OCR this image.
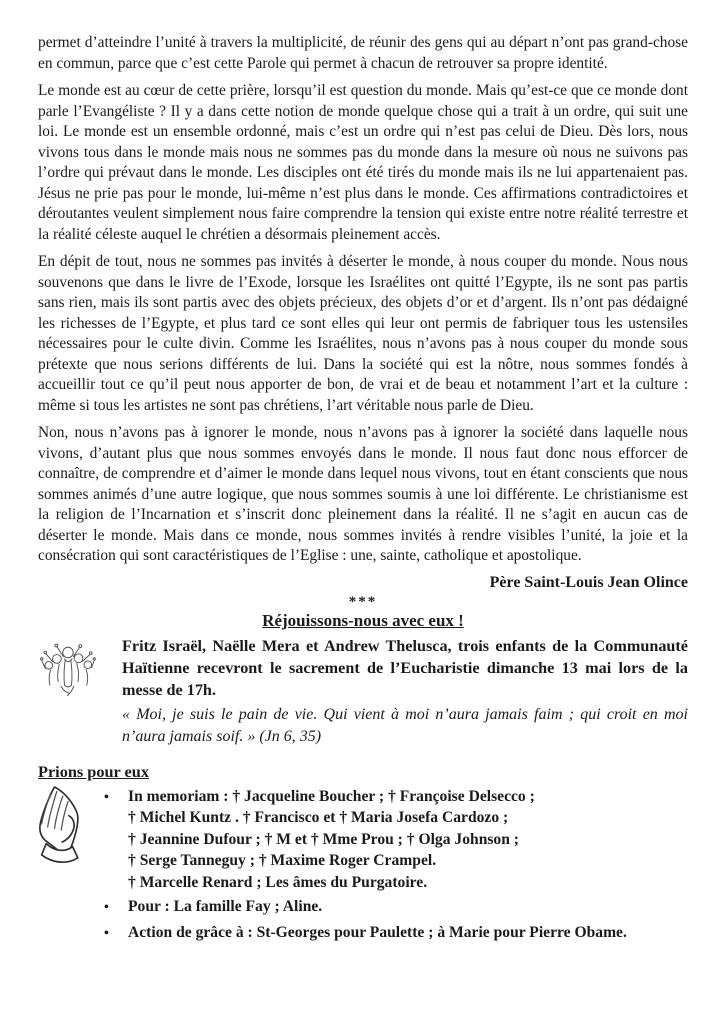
permet d’atteindre l’unité à travers la multiplicité, de réunir des gens qui au départ n’ont pas grand-chose en commun, parce que c’est cette Parole qui permet à chacun de retrouver sa propre identité.

Le monde est au cœur de cette prière, lorsqu’il est question du monde. Mais qu’est-ce que ce monde dont parle l’Evangéliste ? Il y a dans cette notion de monde quelque chose qui a trait à un ordre, qui suit une loi. Le monde est un ensemble ordonné, mais c’est un ordre qui n’est pas celui de Dieu. Dès lors, nous vivons tous dans le monde mais nous ne sommes pas du monde dans la mesure où nous ne suivons pas l’ordre qui prévaut dans le monde. Les disciples ont été tirés du monde mais ils ne lui appartenaient pas. Jésus ne prie pas pour le monde, lui-même n’est plus dans le monde. Ces affirmations contradictoires et déroutantes veulent simplement nous faire comprendre la tension qui existe entre notre réalité terrestre et la réalité céleste auquel le chrétien a désormais pleinement accès.

En dépit de tout, nous ne sommes pas invités à déserter le monde, à nous couper du monde. Nous nous souvenons que dans le livre de l’Exode, lorsque les Israélites ont quitté l’Egypte, ils ne sont pas partis sans rien, mais ils sont partis avec des objets précieux, des objets d’or et d’argent. Ils n’ont pas dédaigné les richesses de l’Egypte, et plus tard ce sont elles qui leur ont permis de fabriquer tous les ustensiles nécessaires pour le culte divin. Comme les Israélites, nous n’avons pas à nous couper du monde sous prétexte que nous serions différents de lui. Dans la société qui est la nôtre, nous sommes fondés à accueillir tout ce qu’il peut nous apporter de bon, de vrai et de beau et notamment l’art et la culture : même si tous les artistes ne sont pas chrétiens, l’art véritable nous parle de Dieu.

Non, nous n’avons pas à ignorer le monde, nous n’avons pas à ignorer la société dans laquelle nous vivons, d’autant plus que nous sommes envoyés dans le monde. Il nous faut donc nous efforcer de connaître, de comprendre et d’aimer le monde dans lequel nous vivons, tout en étant conscients que nous sommes animés d’une autre logique, que nous sommes soumis à une loi différente. Le christianisme est la religion de l’Incarnation et s’inscrit donc pleinement dans la réalité. Il ne s’agit en aucun cas de déserter le monde. Mais dans ce monde, nous sommes invités à rendre visibles l’unité, la joie et la consécration qui sont caractéristiques de l’Eglise : une, sainte, catholique et apostolique.

Père Saint-Louis Jean Olince
***
Réjouissons-nous avec eux !
Fritz Israël, Naëlle Mera et Andrew Thelusca, trois enfants de la Communauté Haïtienne recevront le sacrement de l’Eucharistie dimanche 13 mai lors de la messe de 17h.
« Moi, je suis le pain de vie. Qui vient à moi n’aura jamais faim ; qui croit en moi n’aura jamais soif. » (Jn 6, 35)
Prions pour eux
•	In memoriam : † Jacqueline Boucher ; † Françoise Delsecco ;
† Michel Kuntz . † Francisco et † Maria Josefa Cardozo ;
† Jeannine Dufour ; † M et † Mme Prou ; † Olga Johnson ;
† Serge Tanneguy ; † Maxime Roger Crampel.
† Marcelle Renard ; Les âmes du Purgatoire.
•	Pour : La famille Fay ; Aline.
•	Action de grâce à : St-Georges pour Paulette ; à Marie pour Pierre Obame.
